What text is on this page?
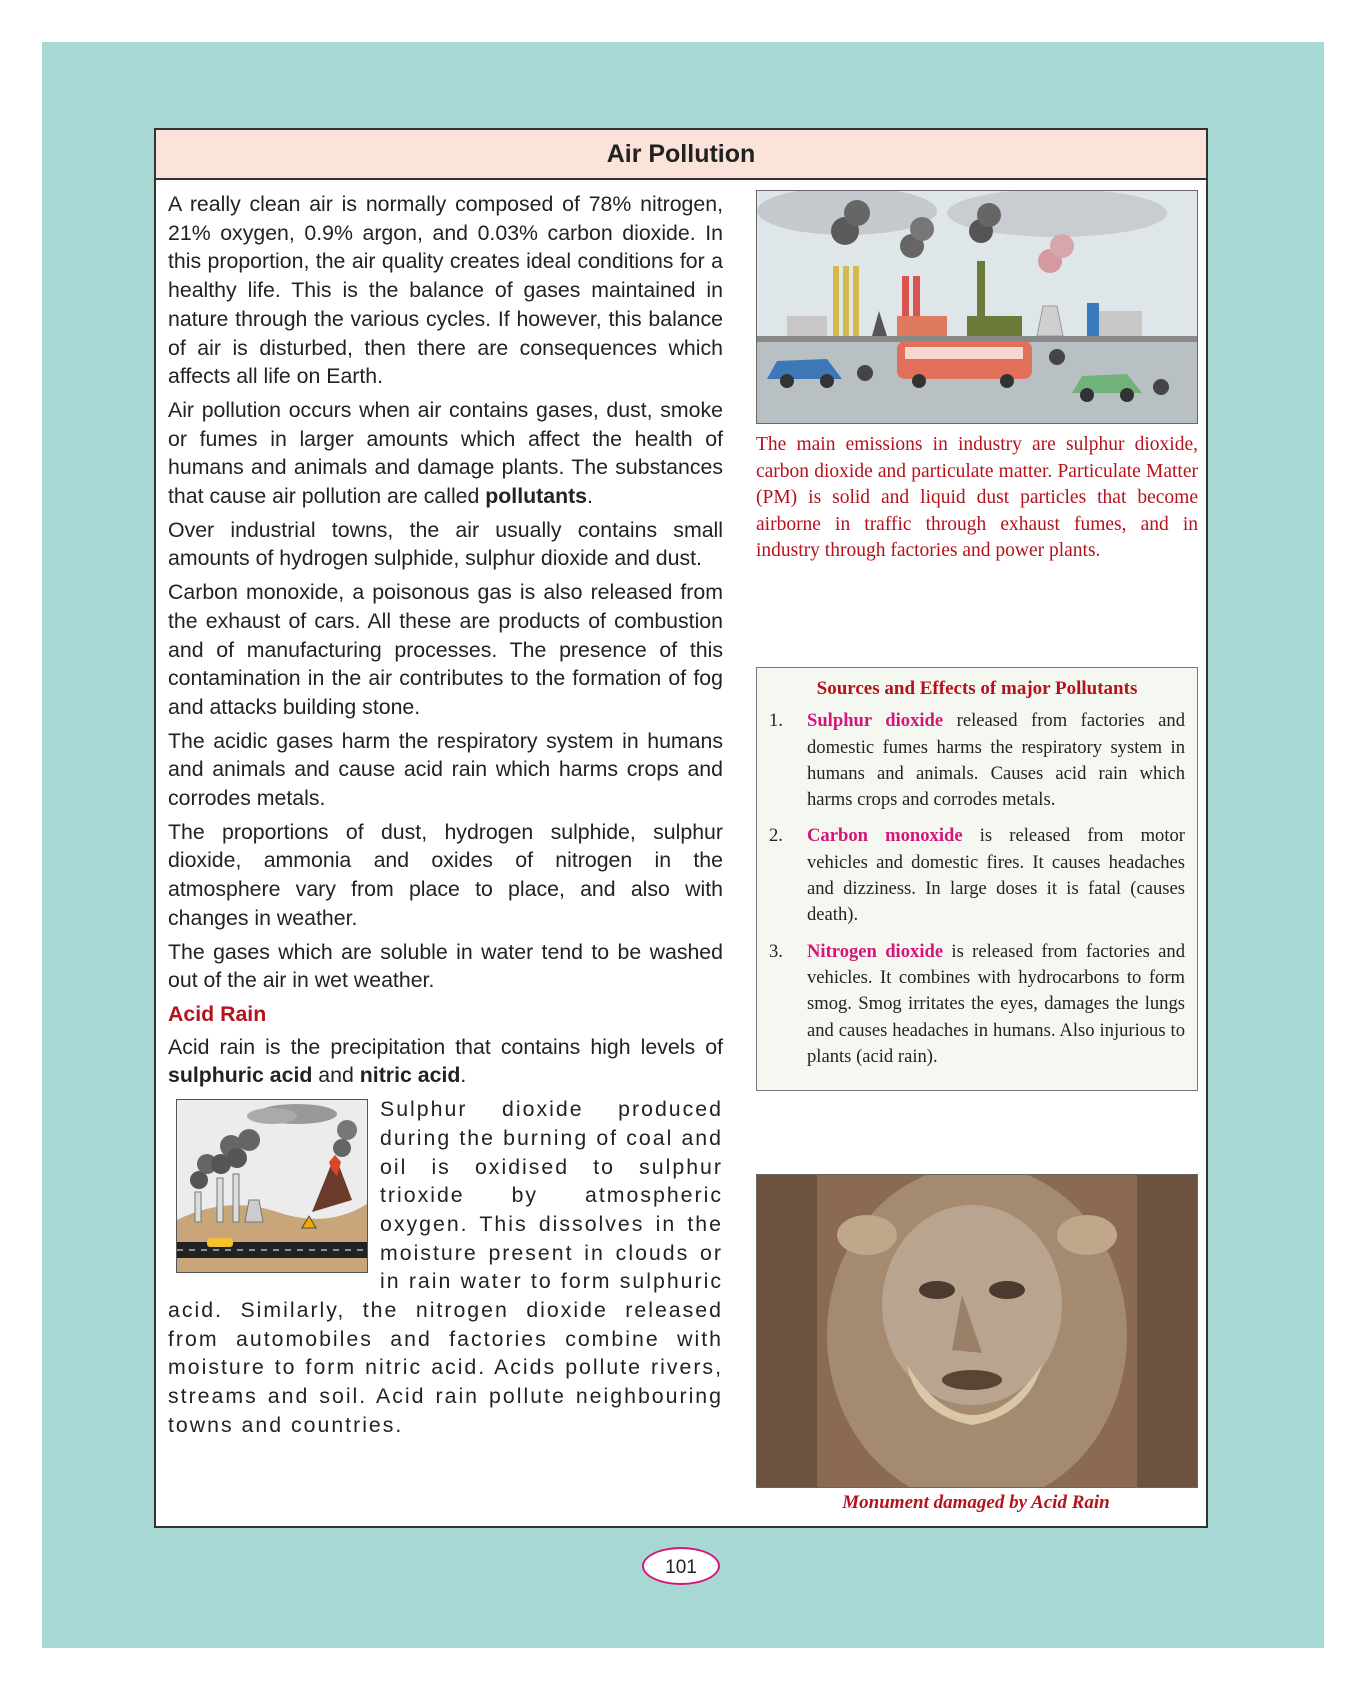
Air Pollution

A really clean air is normally composed of 78% nitrogen, 21% oxygen, 0.9% argon, and 0.03% carbon dioxide. In this proportion, the air quality creates ideal conditions for a healthy life. This is the balance of gases maintained in nature through the various cycles. If however, this balance of air is disturbed, then there are consequences which affects all life on Earth.

Air pollution occurs when air contains gases, dust, smoke or fumes in larger amounts which affect the health of humans and animals and damage plants. The substances that cause air pollution are called pollutants.

Over industrial towns, the air usually contains small amounts of hydrogen sulphide, sulphur dioxide and dust.

Carbon monoxide, a poisonous gas is also released from the exhaust of cars. All these are products of combustion and of manufacturing processes. The presence of this contamination in the air contributes to the formation of fog and attacks building stone.

The acidic gases harm the respiratory system in humans and animals and cause acid rain which harms crops and corrodes metals.

The proportions of dust, hydrogen sulphide, sulphur dioxide, ammonia and oxides of nitrogen in the atmosphere vary from place to place, and also with changes in weather.

The gases which are soluble in water tend to be washed out of the air in wet weather.

Acid Rain

Acid rain is the precipitation that contains high levels of sulphuric acid and nitric acid.

Sulphur dioxide produced during the burning of coal and oil is oxidised to sulphur trioxide by atmospheric oxygen. This dissolves in the moisture present in clouds or in rain water to form sulphuric acid. Similarly, the nitrogen dioxide released from automobiles and factories combine with moisture to form nitric acid. Acids pollute rivers, streams and soil. Acid rain pollute neighbouring towns and countries.

The main emissions in industry are sulphur dioxide, carbon dioxide and particulate matter. Particulate Matter (PM) is solid and liquid dust particles that become airborne in traffic through exhaust fumes, and in industry through factories and power plants.
Sources and Effects of major Pollutants
1. Sulphur dioxide released from factories and domestic fumes harms the respiratory system in humans and animals. Causes acid rain which harms crops and corrodes metals.
2. Carbon monoxide is released from motor vehicles and domestic fires. It causes headaches and dizziness. In large doses it is fatal (causes death).
3. Nitrogen dioxide is released from factories and vehicles. It combines with hydrocarbons to form smog. Smog irritates the eyes, damages the lungs and causes headaches in humans. Also injurious to plants (acid rain).
Monument damaged by Acid Rain
101
